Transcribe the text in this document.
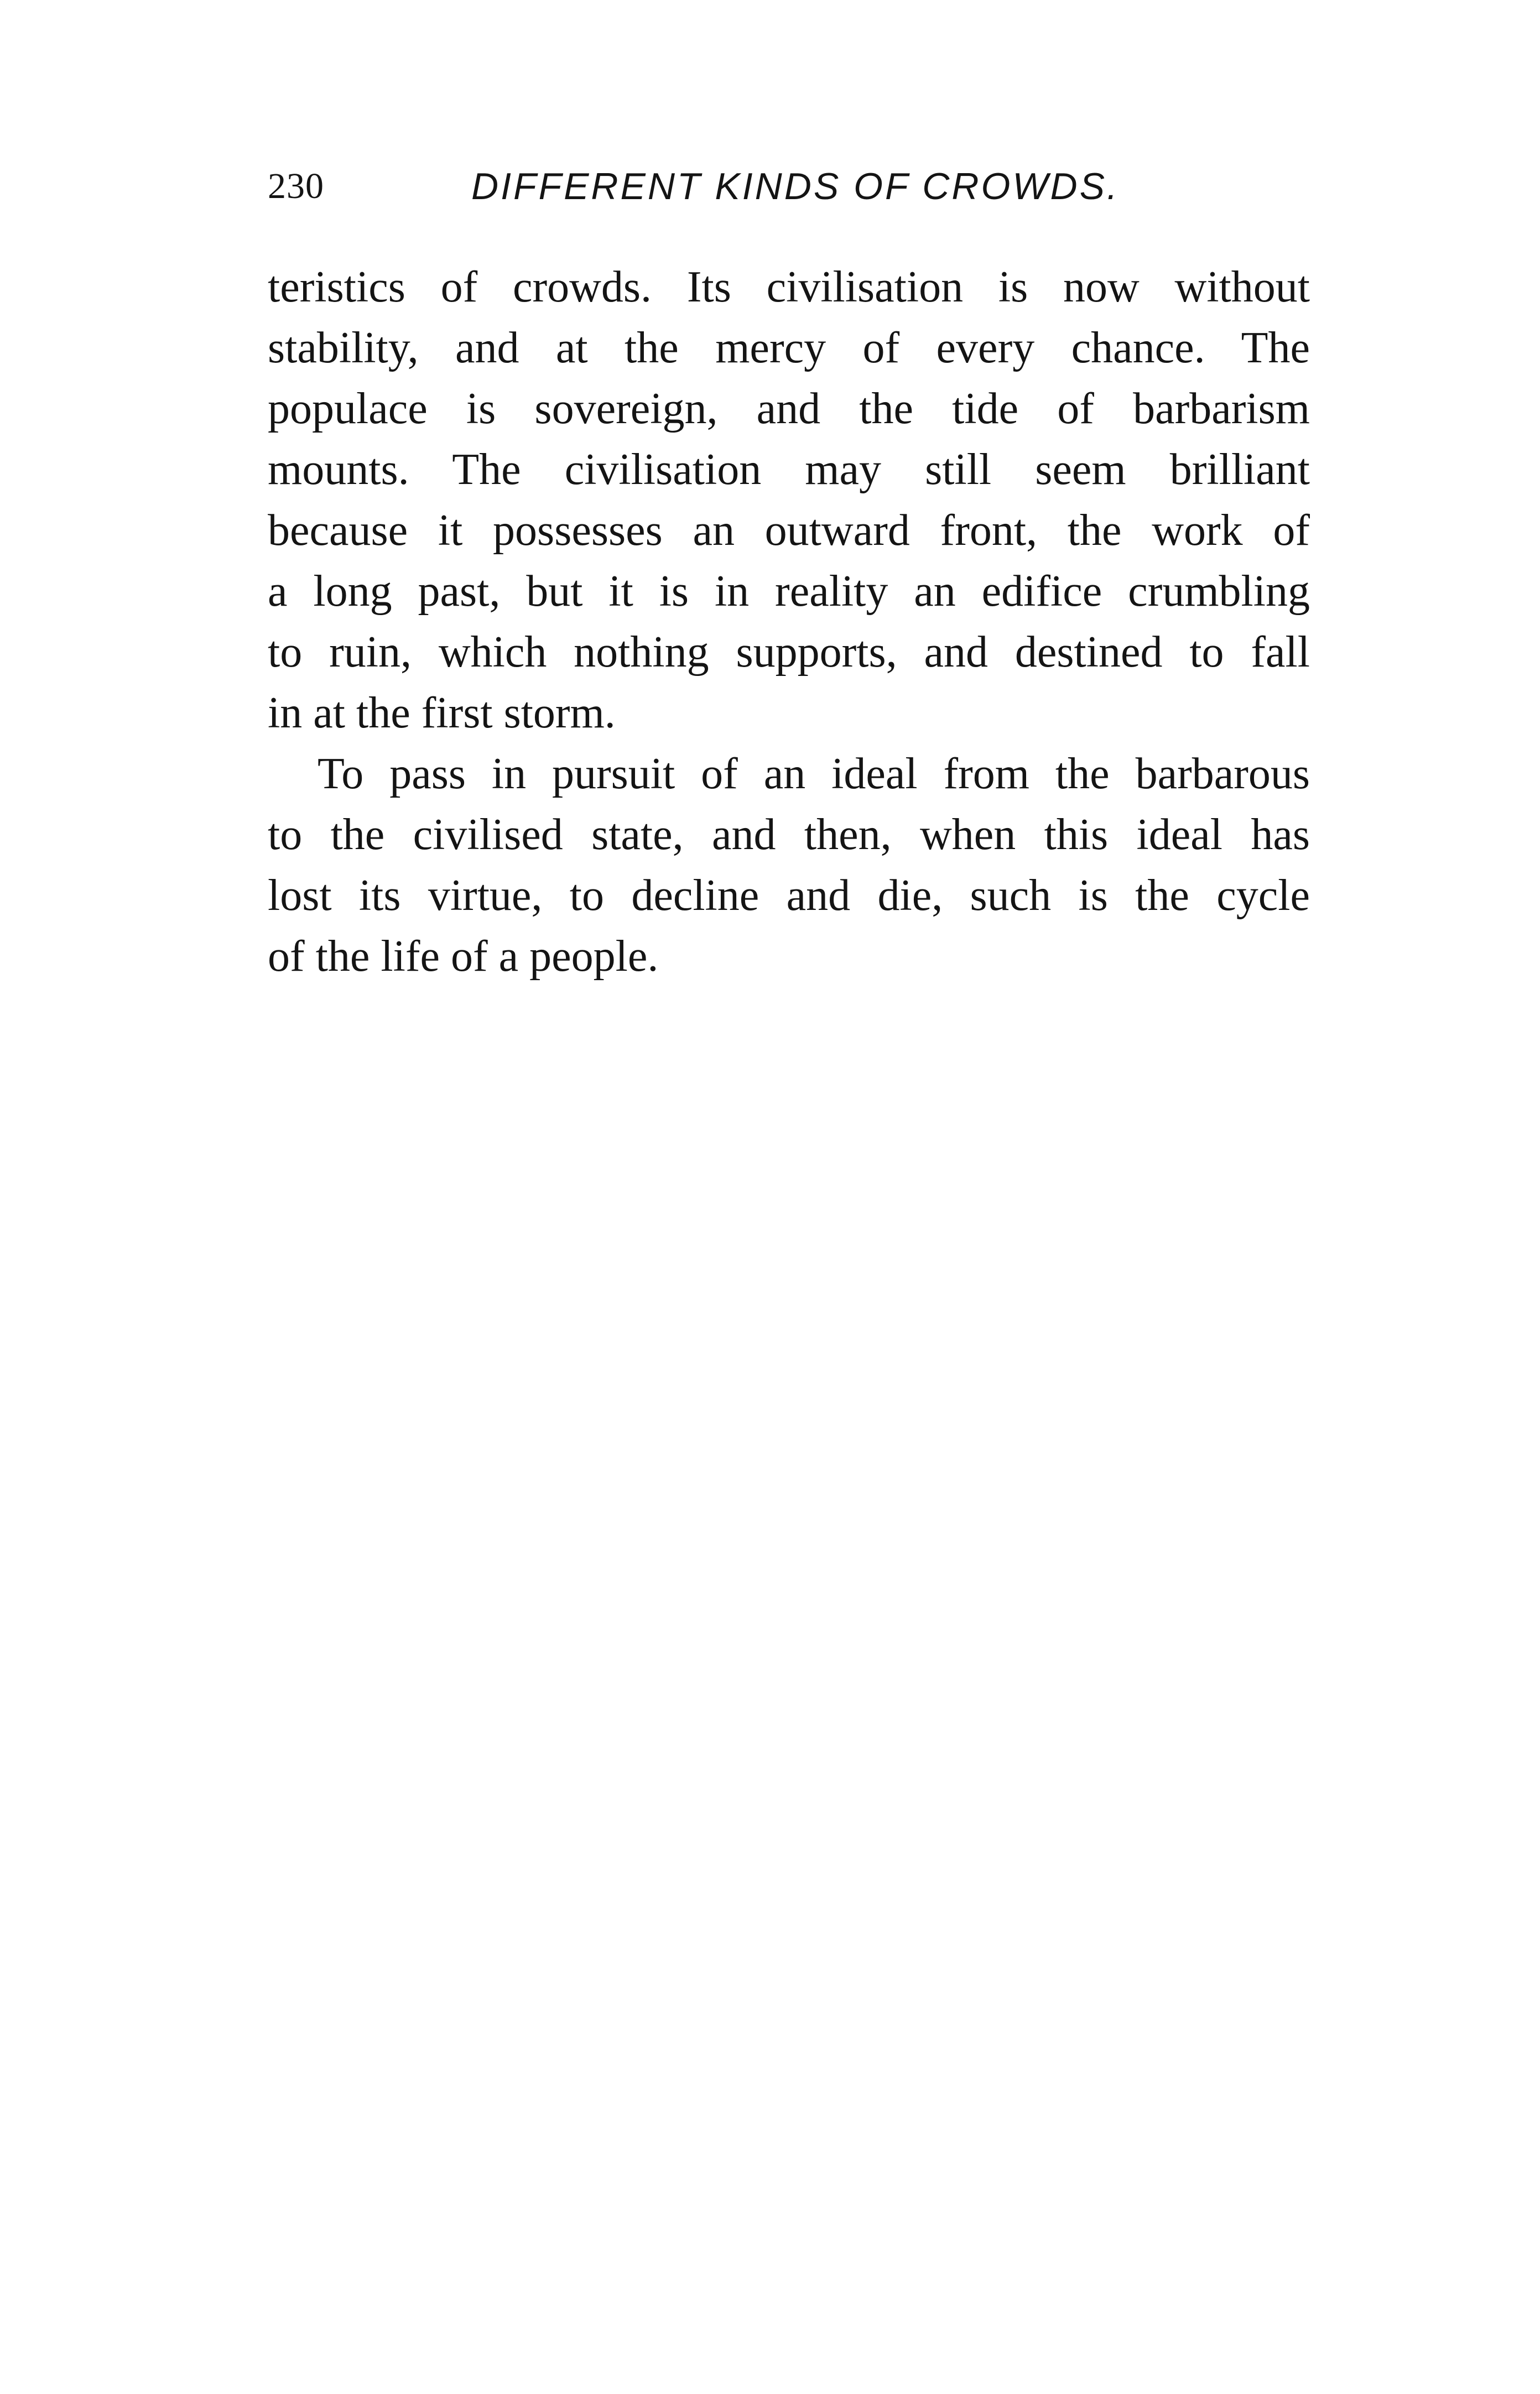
230	DIFFERENT KINDS OF CROWDS.
teristics of crowds. Its civilisation is now without
stability, and at the mercy of every chance. The
populace is sovereign, and the tide of barbarism
mounts. The civilisation may still seem brilliant
because it possesses an outward front, the work of
a long past, but it is in reality an edifice crumbling
to ruin, which nothing supports, and destined to fall
in at the first storm.
To pass in pursuit of an ideal from the barbarous
to the civilised state, and then, when this ideal has
lost its virtue, to decline and die, such is the cycle
of the life of a people.
